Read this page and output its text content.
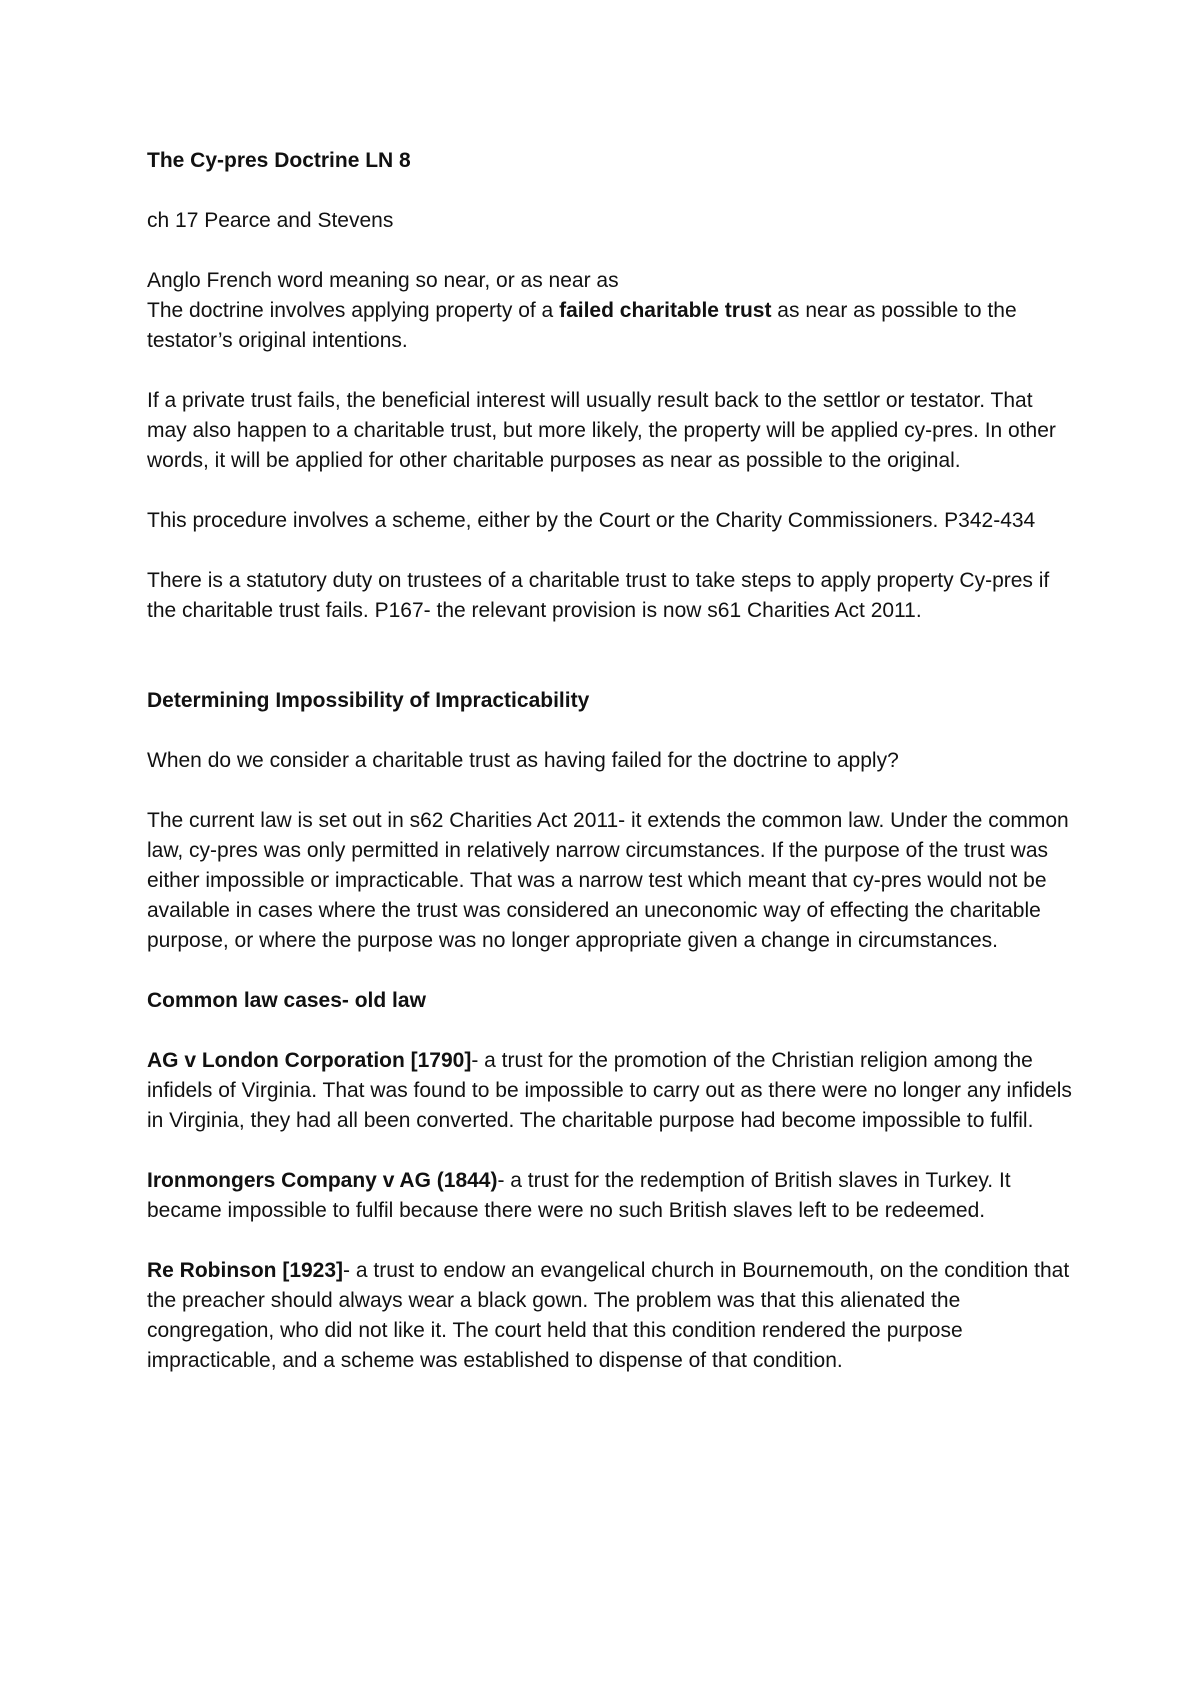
The Cy-pres Doctrine LN 8

ch 17 Pearce and Stevens

Anglo French word meaning so near, or as near as

The doctrine involves applying property of a failed charitable trust as near as possible to the testator’s original intentions.

If a private trust fails, the beneficial interest will usually result back to the settlor or testator. That may also happen to a charitable trust, but more likely, the property will be applied cy-pres. In other words, it will be applied for other charitable purposes as near as possible to the original.

This procedure involves a scheme, either by the Court or the Charity Commissioners. P342-434

There is a statutory duty on trustees of a charitable trust to take steps to apply property Cy-pres if the charitable trust fails. P167- the relevant provision is now s61 Charities Act 2011.

Determining Impossibility of Impracticability

When do we consider a charitable trust as having failed for the doctrine to apply?

The current law is set out in s62 Charities Act 2011- it extends the common law. Under the common law, cy-pres was only permitted in relatively narrow circumstances. If the purpose of the trust was either impossible or impracticable. That was a narrow test which meant that cy-pres would not be available in cases where the trust was considered an uneconomic way of effecting the charitable purpose, or where the purpose was no longer appropriate given a change in circumstances.

Common law cases- old law

AG v London Corporation [1790]- a trust for the promotion of the Christian religion among the infidels of Virginia. That was found to be impossible to carry out as there were no longer any infidels in Virginia, they had all been converted. The charitable purpose had become impossible to fulfil.

Ironmongers Company v AG (1844)- a trust for the redemption of British slaves in Turkey. It became impossible to fulfil because there were no such British slaves left to be redeemed.

Re Robinson [1923]- a trust to endow an evangelical church in Bournemouth, on the condition that the preacher should always wear a black gown. The problem was that this alienated the congregation, who did not like it. The court held that this condition rendered the purpose impracticable, and a scheme was established to dispense of that condition.
